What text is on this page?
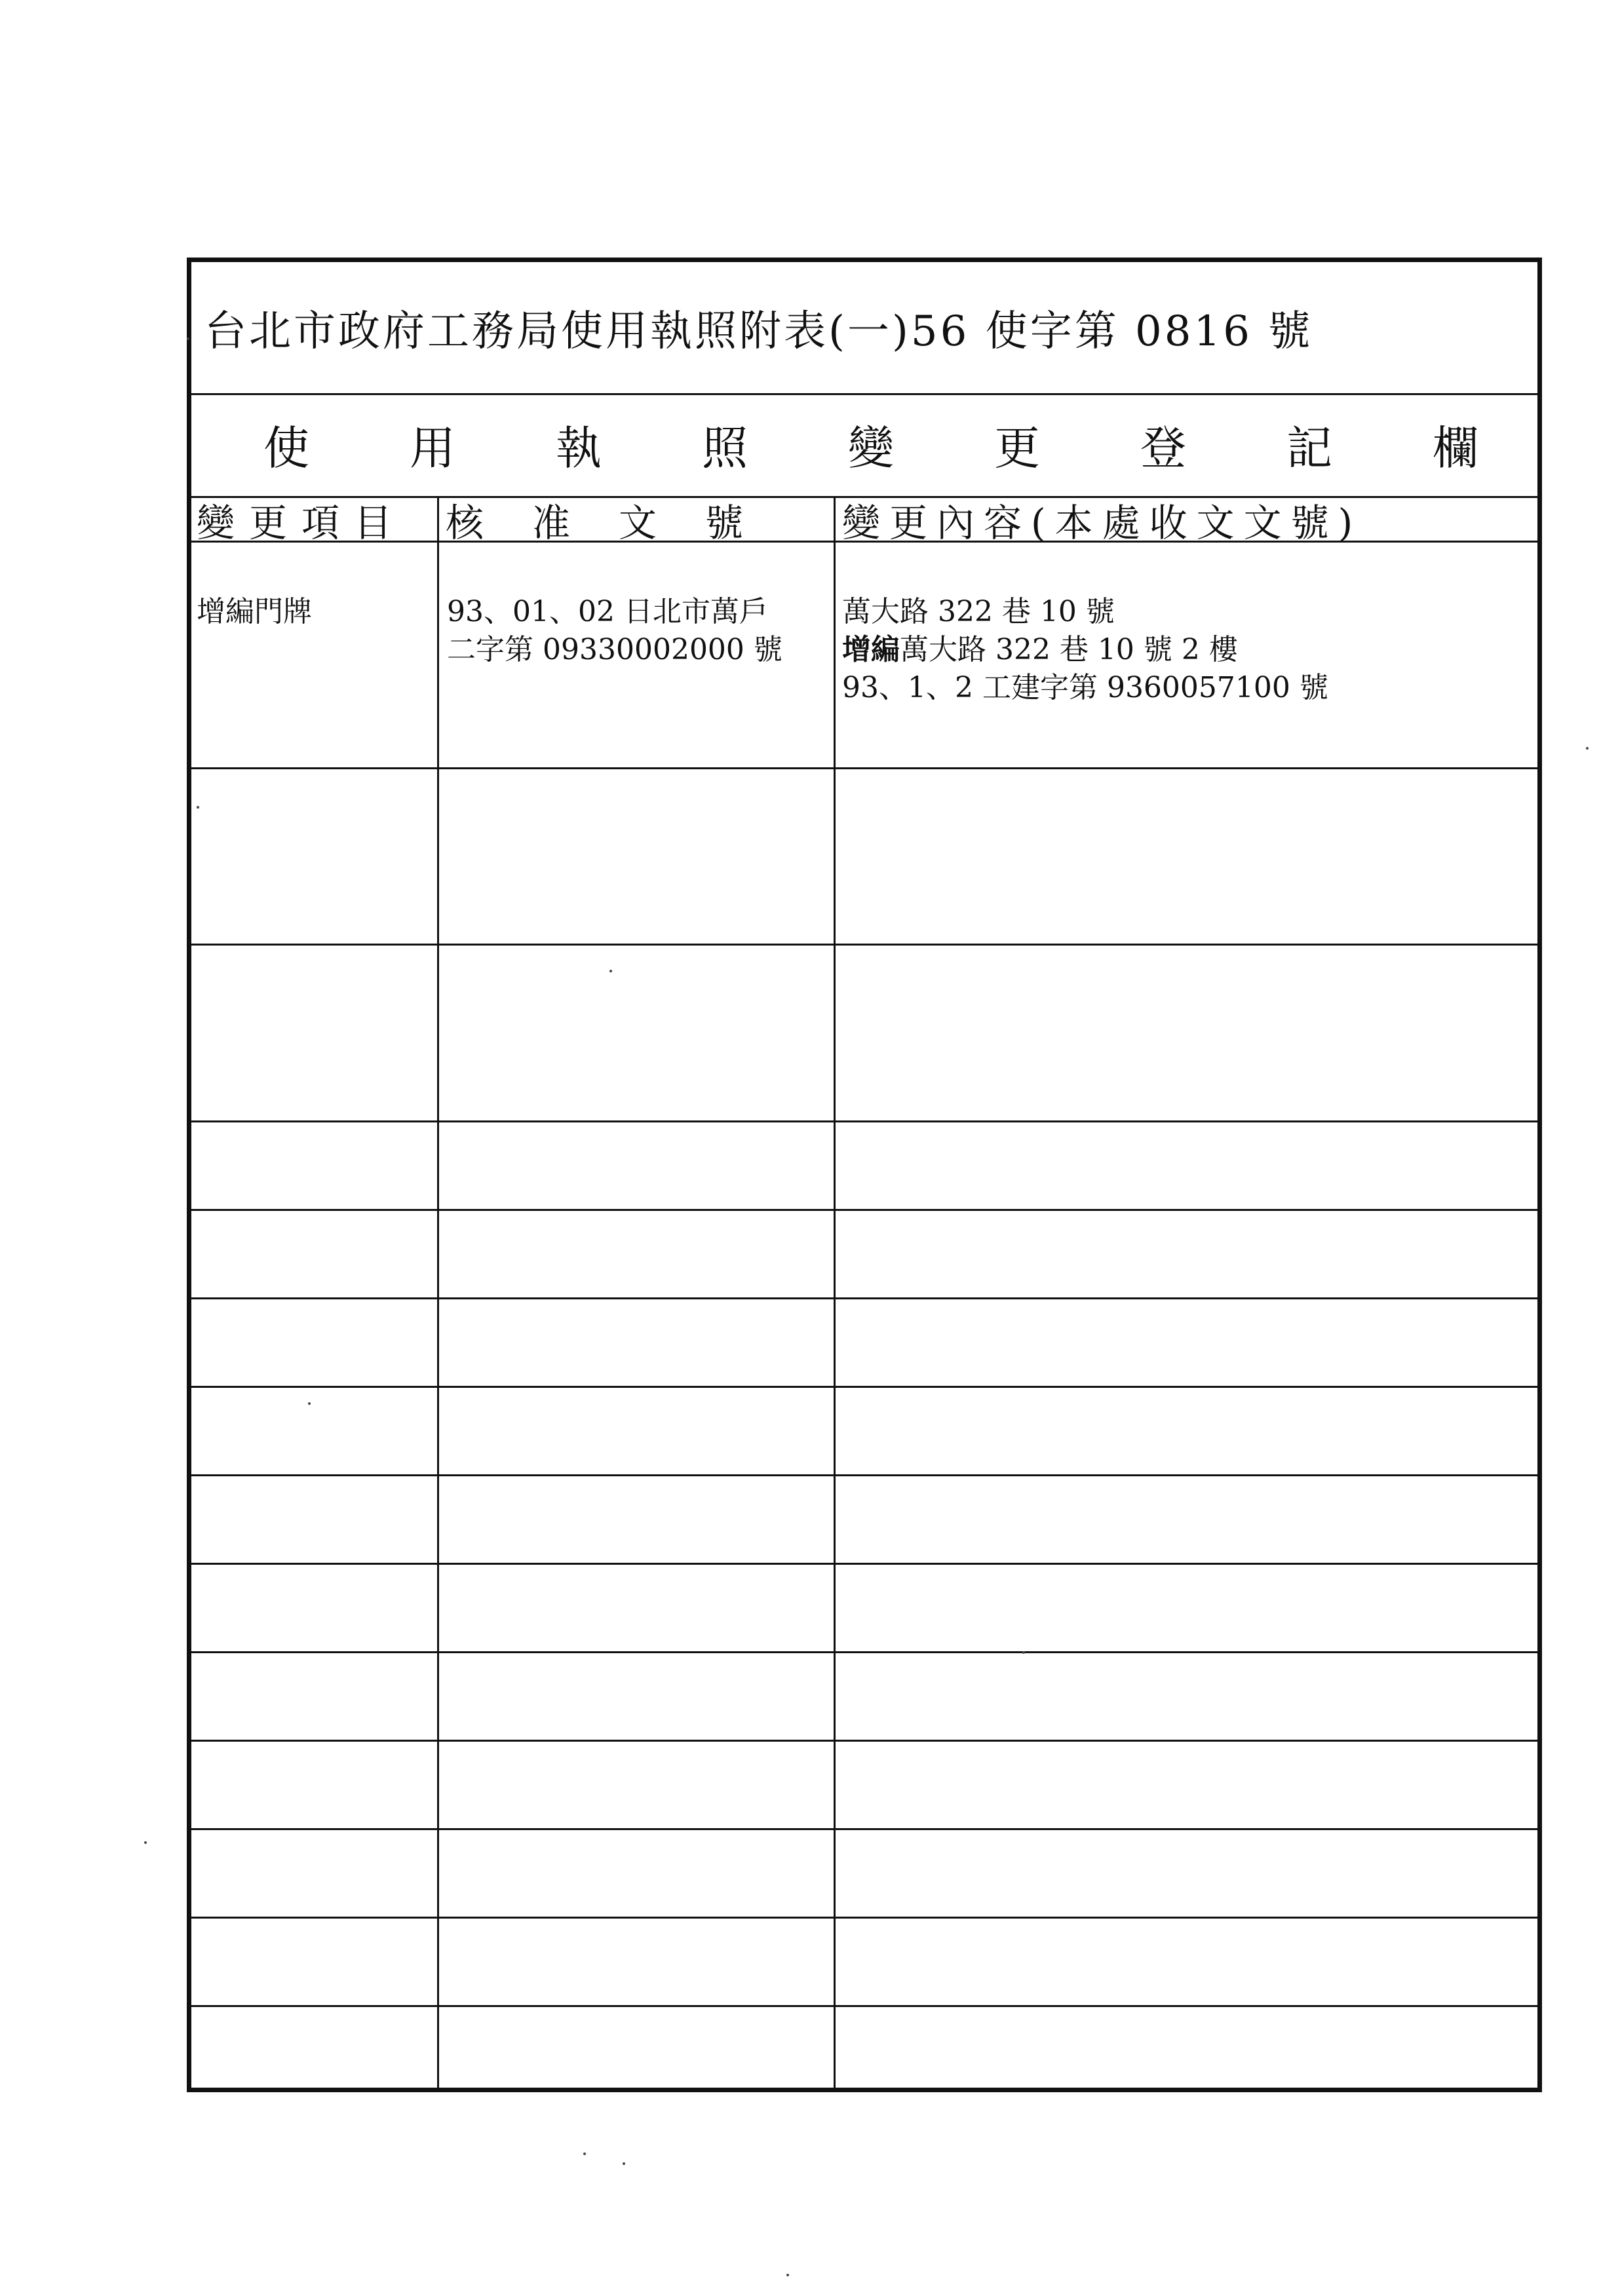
台北市政府工務局使用執照附表(一)56 使字第 0816 號
使 用 執 照 變 更 登 記 欄
變更項目 核　准　文　號 變更內容(本處收文文號)
增編門牌	93、01、02 日北市萬戶
二字第 09330002000 號
萬大路 322 巷 10 號
增編萬大路 322 巷 10 號 2 樓
93、1、2 工建字第 9360057100 號
